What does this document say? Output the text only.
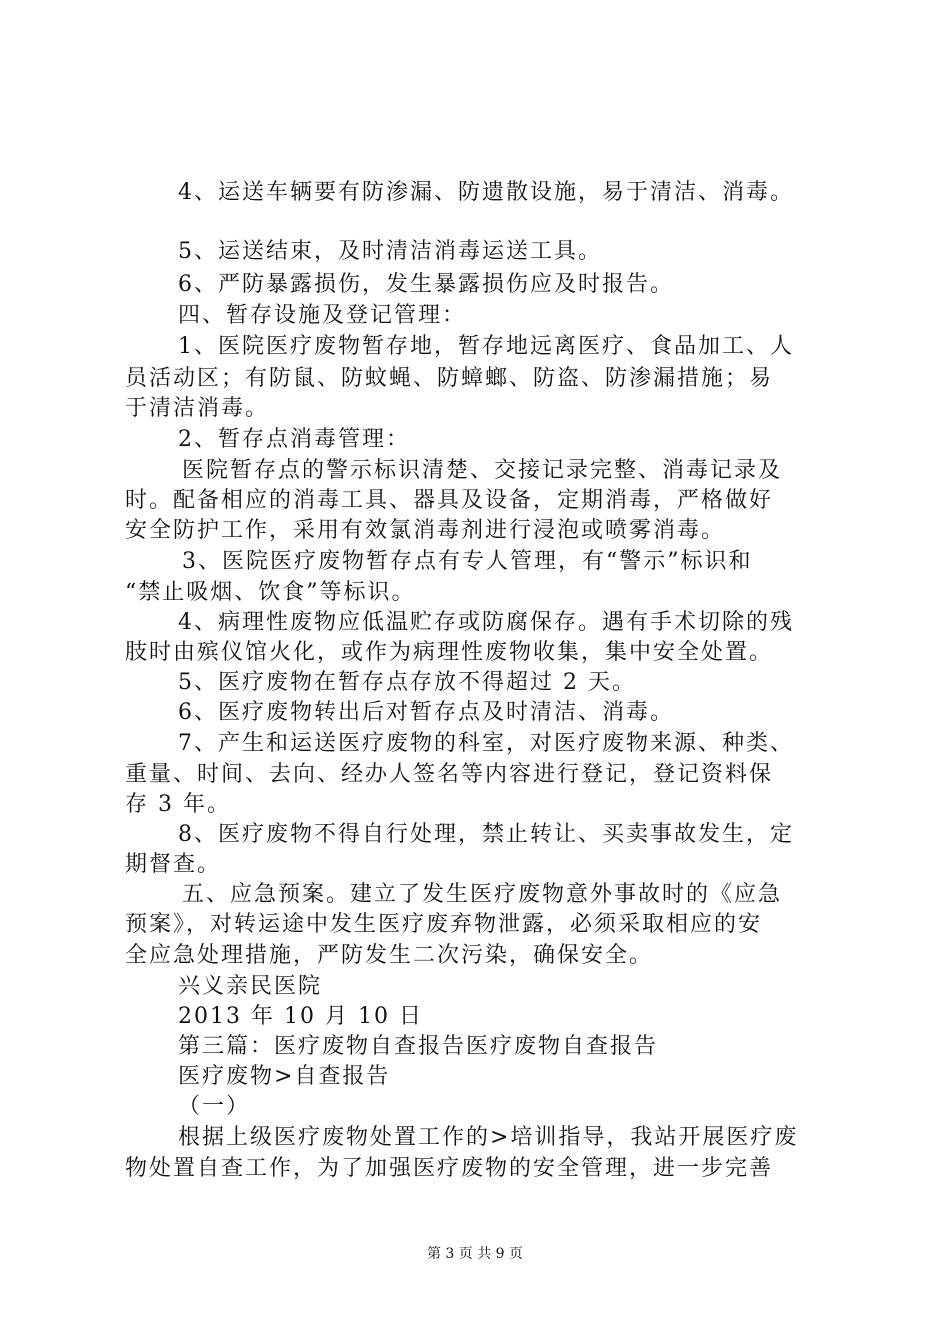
4、运送车辆要有防渗漏、防遗散设施，易于清洁、消毒。
5、运送结束，及时清洁消毒运送工具。
6、严防暴露损伤，发生暴露损伤应及时报告。
四、暂存设施及登记管理：
1、医院医疗废物暂存地，暂存地远离医疗、食品加工、人
员活动区；有防鼠、防蚊蝇、防蟑螂、防盗、防渗漏措施；易
于清洁消毒。
2、暂存点消毒管理：
医院暂存点的警示标识清楚、交接记录完整、消毒记录及
时。配备相应的消毒工具、器具及设备，定期消毒，严格做好
安全防护工作，采用有效氯消毒剂进行浸泡或喷雾消毒。
3、医院医疗废物暂存点有专人管理，有“警示”标识和
“禁止吸烟、饮食”等标识。
4、病理性废物应低温贮存或防腐保存。遇有手术切除的残
肢时由殡仪馆火化，或作为病理性废物收集，集中安全处置。
5、医疗废物在暂存点存放不得超过 2 天。
6、医疗废物转出后对暂存点及时清洁、消毒。
7、产生和运送医疗废物的科室，对医疗废物来源、种类、
重量、时间、去向、经办人签名等内容进行登记，登记资料保
存 3 年。
8、医疗废物不得自行处理，禁止转让、买卖事故发生，定
期督查。
五、应急预案。建立了发生医疗废物意外事故时的《应急
预案》，对转运途中发生医疗废弃物泄露，必须采取相应的安
全应急处理措施，严防发生二次污染，确保安全。
兴义亲民医院
2013 年 10 月 10 日
第三篇：医疗废物自查报告医疗废物自查报告
医疗废物>自查报告
（一）
根据上级医疗废物处置工作的>培训指导，我站开展医疗废
物处置自查工作，为了加强医疗废物的安全管理，进一步完善
第 3 页 共 9 页
